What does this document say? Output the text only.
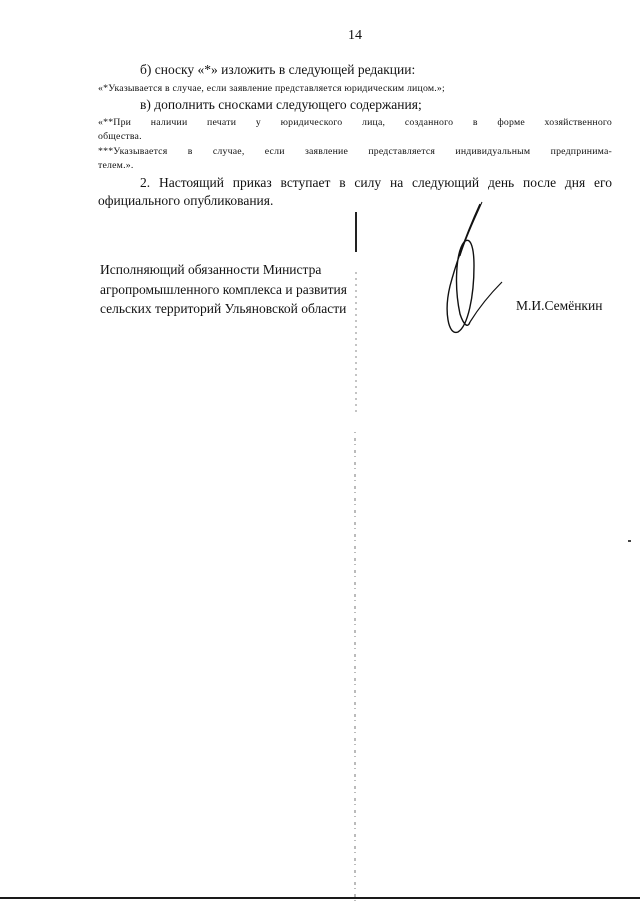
14
б) сноску «*» изложить в следующей редакции:
«*Указывается в случае, если заявление представляется юридическим лицом.»;
в) дополнить сносками следующего содержания;
«**При наличии печати у юридического лица, созданного в форме хозяйственного
общества.
***Указывается в случае, если заявление представляется индивидуальным предпринима-
телем.».
2. Настоящий приказ вступает в силу на следующий день после дня его
официального опубликования.
Исполняющий обязанности Министра
агропромышленного комплекса и развития
сельских территорий Ульяновской области	М.И.Семёнкин
